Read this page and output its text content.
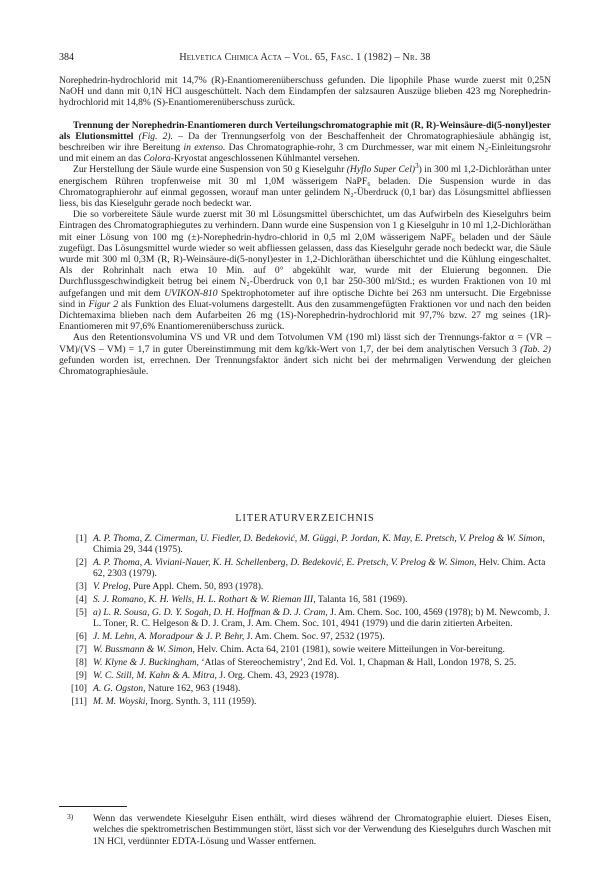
384	Helvetica Chimica Acta – Vol. 65, Fasc. 1 (1982) – Nr. 38

Norephedrin-hydrochlorid mit 14,7% (R)-Enantiomerenüberschuss gefunden. Die lipophile Phase wurde zuerst mit 0,25N NaOH und dann mit 0,1N HCl ausgeschüttelt. Nach dem Eindampfen der salzsauren Auszüge blieben 423 mg Norephedrin-hydrochlorid mit 14,8% (S)-Enantiomerenüberschuss zurück.

Trennung der Norephedrin-Enantiomeren durch Verteilungschromatographie mit (R, R)-Weinsäure-di(5-nonyl)ester als Elutionsmittel (Fig. 2). – Da der Trennungserfolg von der Beschaffenheit der Chromatographiesäule abhängig ist, beschreiben wir ihre Bereitung in extenso. Das Chromatographie-rohr, 3 cm Durchmesser, war mit einem N₂-Einleitungsrohr und mit einem an das Colora-Kryostat angeschlossenen Kühlmantel versehen.

Zur Herstellung der Säule wurde eine Suspension von 50 g Kieselguhr (Hyflo Super Cel)$^3$) in 300 ml 1,2-Dichloräthan unter energischem Rühren tropfenweise mit 30 ml 1,0M wässerigem NaPF₆ beladen. Die Suspension wurde in das Chromatographierohr auf einmal gegossen, worauf man unter gelindem N₂-Überdruck (0,1 bar) das Lösungsmittel abfliessen liess, bis das Kieselguhr gerade noch bedeckt war.

Die so vorbereitete Säule wurde zuerst mit 30 ml Lösungsmittel überschichtet, um das Aufwirbeln des Kieselguhrs beim Eintragen des Chromatographiegutes zu verhindern. Dann wurde eine Suspension von 1 g Kieselguhr in 10 ml 1,2-Dichloräthan mit einer Lösung von 100 mg (±)-Norephedrin-hydro-chlorid in 0,5 ml 2,0M wässerigem NaPF₆ beladen und der Säule zugefügt. Das Lösungsmittel wurde wieder so weit abfliessen gelassen, dass das Kieselguhr gerade noch bedeckt war, die Säule wurde mit 300 ml 0,3M (R, R)-Weinsäure-di(5-nonyl)ester in 1,2-Dichloräthan überschichtet und die Kühlung eingeschaltet. Als der Rohrinhalt nach etwa 10 Min. auf 0° abgekühlt war, wurde mit der Eluierung begonnen. Die Durchflussgeschwindigkeit betrug bei einem N₂-Überdruck von 0,1 bar 250-300 ml/Std.; es wurden Fraktionen von 10 ml aufgefangen und mit dem UVIKON-810 Spektrophotometer auf ihre optische Dichte bei 263 nm untersucht. Die Ergebnisse sind in Figur 2 als Funktion des Eluat-volumens dargestellt. Aus den zusammengefügten Fraktionen vor und nach den beiden Dichtemaxima blieben nach dem Aufarbeiten 26 mg (1S)-Norephedrin-hydrochlorid mit 97,7% bzw. 27 mg seines (1R)-Enantiomeren mit 97,6% Enantiomerenüberschuss zurück.

Aus den Retentionsvolumina VS und VR und dem Totvolumen VM (190 ml) lässt sich der Trennungs-faktor α = (VR – VM)/(VS – VM) = 1,7 in guter Übereinstimmung mit dem kg/kk-Wert von 1,7, der bei dem analytischen Versuch 3 (Tab. 2) gefunden worden ist, errechnen. Der Trennungsfaktor ändert sich nicht bei der mehrmaligen Verwendung der gleichen Chromatographiesäule.

LITERATURVERZEICHNIS
[1] A. P. Thoma, Z. Cimerman, U. Fiedler, D. Bedeković, M. Güggi, P. Jordan, K. May, E. Pretsch, V. Prelog & W. Simon, Chimia 29, 344 (1975).
[2] A. P. Thoma, A. Viviani-Nauer, K. H. Schellenberg, D. Bedeković, E. Pretsch, V. Prelog & W. Simon, Helv. Chim. Acta 62, 2303 (1979).
[3] V. Prelog, Pure Appl. Chem. 50, 893 (1978).
[4] S. J. Romano, K. H. Wells, H. L. Rothart & W. Rieman III, Talanta 16, 581 (1969).
[5] a) L. R. Sousa, G. D. Y. Sogah, D. H. Hoffman & D. J. Cram, J. Am. Chem. Soc. 100, 4569 (1978); b) M. Newcomb, J. L. Toner, R. C. Helgeson & D. J. Cram, J. Am. Chem. Soc. 101, 4941 (1979) und die darin zitierten Arbeiten.
[6] J. M. Lehn, A. Moradpour & J. P. Behr, J. Am. Chem. Soc. 97, 2532 (1975).
[7] W. Bussmann & W. Simon, Helv. Chim. Acta 64, 2101 (1981), sowie weitere Mitteilungen in Vor-bereitung.
[8] W. Klyne & J. Buckingham, ‘Atlas of Stereochemistry’, 2nd Ed. Vol. 1, Chapman & Hall, London 1978, S. 25.
[9] W. C. Still, M. Kahn & A. Mitra, J. Org. Chem. 43, 2923 (1978).
[10] A. G. Ogston, Nature 162, 963 (1948).
[11] M. M. Woyski, Inorg. Synth. 3, 111 (1959).
3) Wenn das verwendete Kieselguhr Eisen enthält, wird dieses während der Chromatographie eluiert. Dieses Eisen, welches die spektrometrischen Bestimmungen stört, lässt sich vor der Verwendung des Kieselguhrs durch Waschen mit 1N HCl, verdünnter EDTA-Lösung und Wasser entfernen.
